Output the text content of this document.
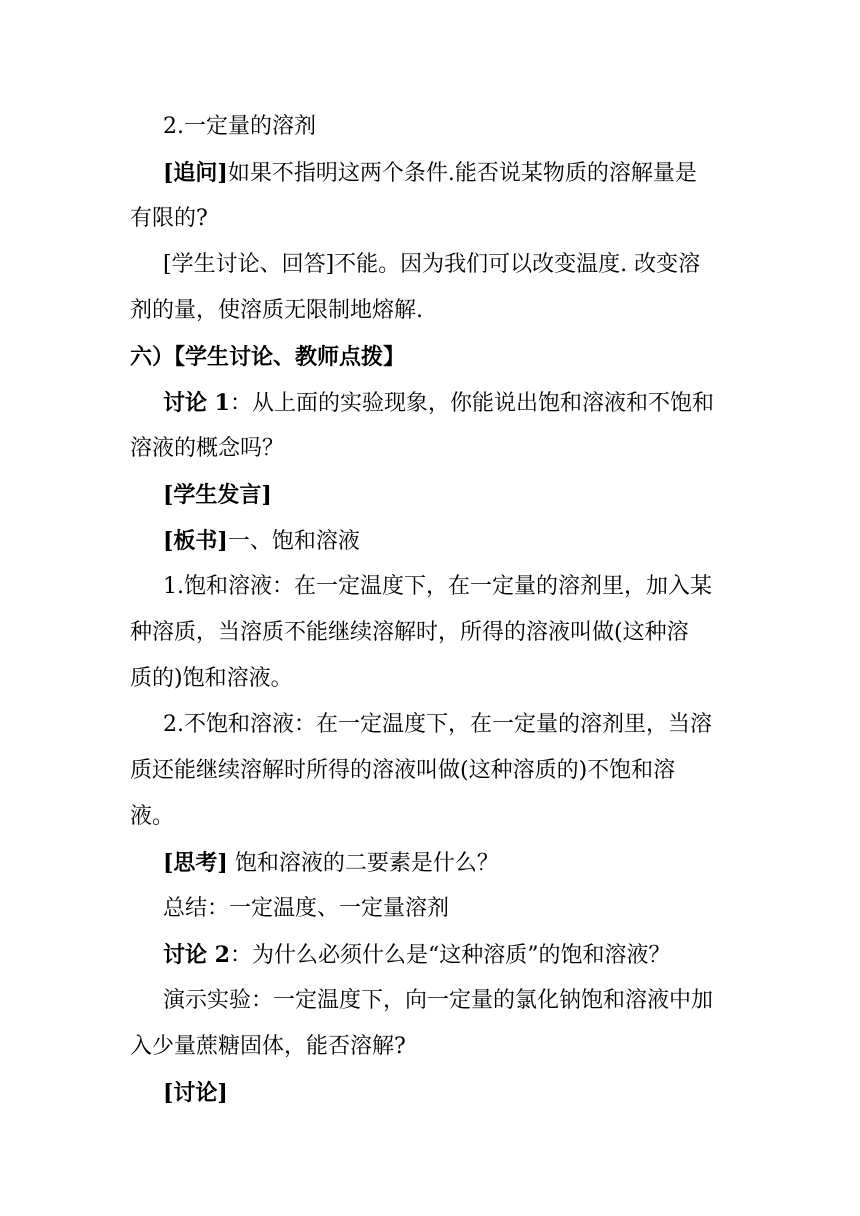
2.一定量的溶剂
[追问]如果不指明这两个条件.能否说某物质的溶解量是
有限的?
[学生讨论、回答]不能。因为我们可以改变温度. 改变溶
剂的量，使溶质无限制地熔解.
六）【学生讨论、教师点拨】
讨论 1：从上面的实验现象，你能说出饱和溶液和不饱和
溶液的概念吗？
[学生发言]
[板书]一、饱和溶液
1.饱和溶液：在一定温度下，在一定量的溶剂里，加入某
种溶质，当溶质不能继续溶解时，所得的溶液叫做(这种溶
质的)饱和溶液。
2.不饱和溶液：在一定温度下，在一定量的溶剂里，当溶
质还能继续溶解时所得的溶液叫做(这种溶质的)不饱和溶
液。
[思考] 饱和溶液的二要素是什么？
总结：一定温度、一定量溶剂
讨论 2：为什么必须什么是“这种溶质”的饱和溶液？
演示实验：一定温度下，向一定量的氯化钠饱和溶液中加
入少量蔗糖固体，能否溶解?
[讨论]
